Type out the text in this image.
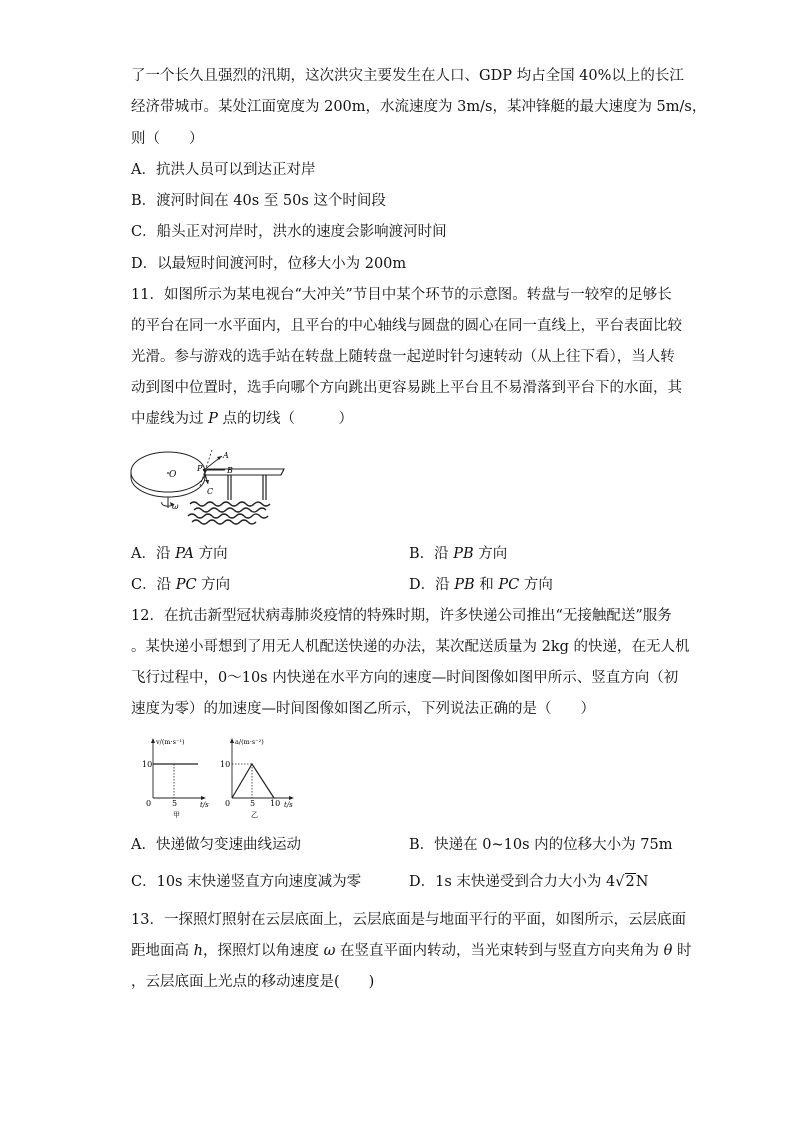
了一个长久且强烈的汛期，这次洪灾主要发生在人口、GDP 均占全国 40%以上的长江
经济带城市。某处江面宽度为 200m，水流速度为 3m/s，某冲锋艇的最大速度为 5m/s，
则（　　）
A．抗洪人员可以到达正对岸
B．渡河时间在 40s 至 50s 这个时间段
C．船头正对河岸时，洪水的速度会影响渡河时间
D．以最短时间渡河时，位移大小为 200m
11．如图所示为某电视台“大冲关”节目中某个环节的示意图。转盘与一较窄的足够长
的平台在同一水平面内，且平台的中心轴线与圆盘的圆心在同一直线上，平台表面比较
光滑。参与游戏的选手站在转盘上随转盘一起逆时针匀速转动（从上往下看），当人转
动到图中位置时，选手向哪个方向跳出更容易跳上平台且不易滑落到平台下的水面，其
中虚线为过 P 点的切线（　　　）
O
ω
P
A
B
C
A．沿 PA 方向	B．沿 PB 方向
C．沿 PC 方向	D．沿 PB 和 PC 方向
12．在抗击新型冠状病毒肺炎疫情的特殊时期，许多快递公司推出“无接触配送”服务
。某快递小哥想到了用无人机配送快递的办法，某次配送质量为 2kg 的快递，在无人机
飞行过程中，0～10s 内快递在水平方向的速度—时间图像如图甲所示、竖直方向（初
速度为零）的加速度—时间图像如图乙所示，下列说法正确的是（　　）
v/(m·s⁻¹)
t/s
10
0	5
甲
a/(m·s⁻²)
t/s
10
0 5 10
乙
A．快递做匀变速曲线运动	B．快递在 0~10s 内的位移大小为 75m
C．10s 末快递竖直方向速度减为零	D．1s 末快递受到合力大小为 4√2N
13．一探照灯照射在云层底面上，云层底面是与地面平行的平面，如图所示，云层底面
距地面高 h，探照灯以角速度 ω 在竖直平面内转动，当光束转到与竖直方向夹角为 θ 时
，云层底面上光点的移动速度是(　　)
